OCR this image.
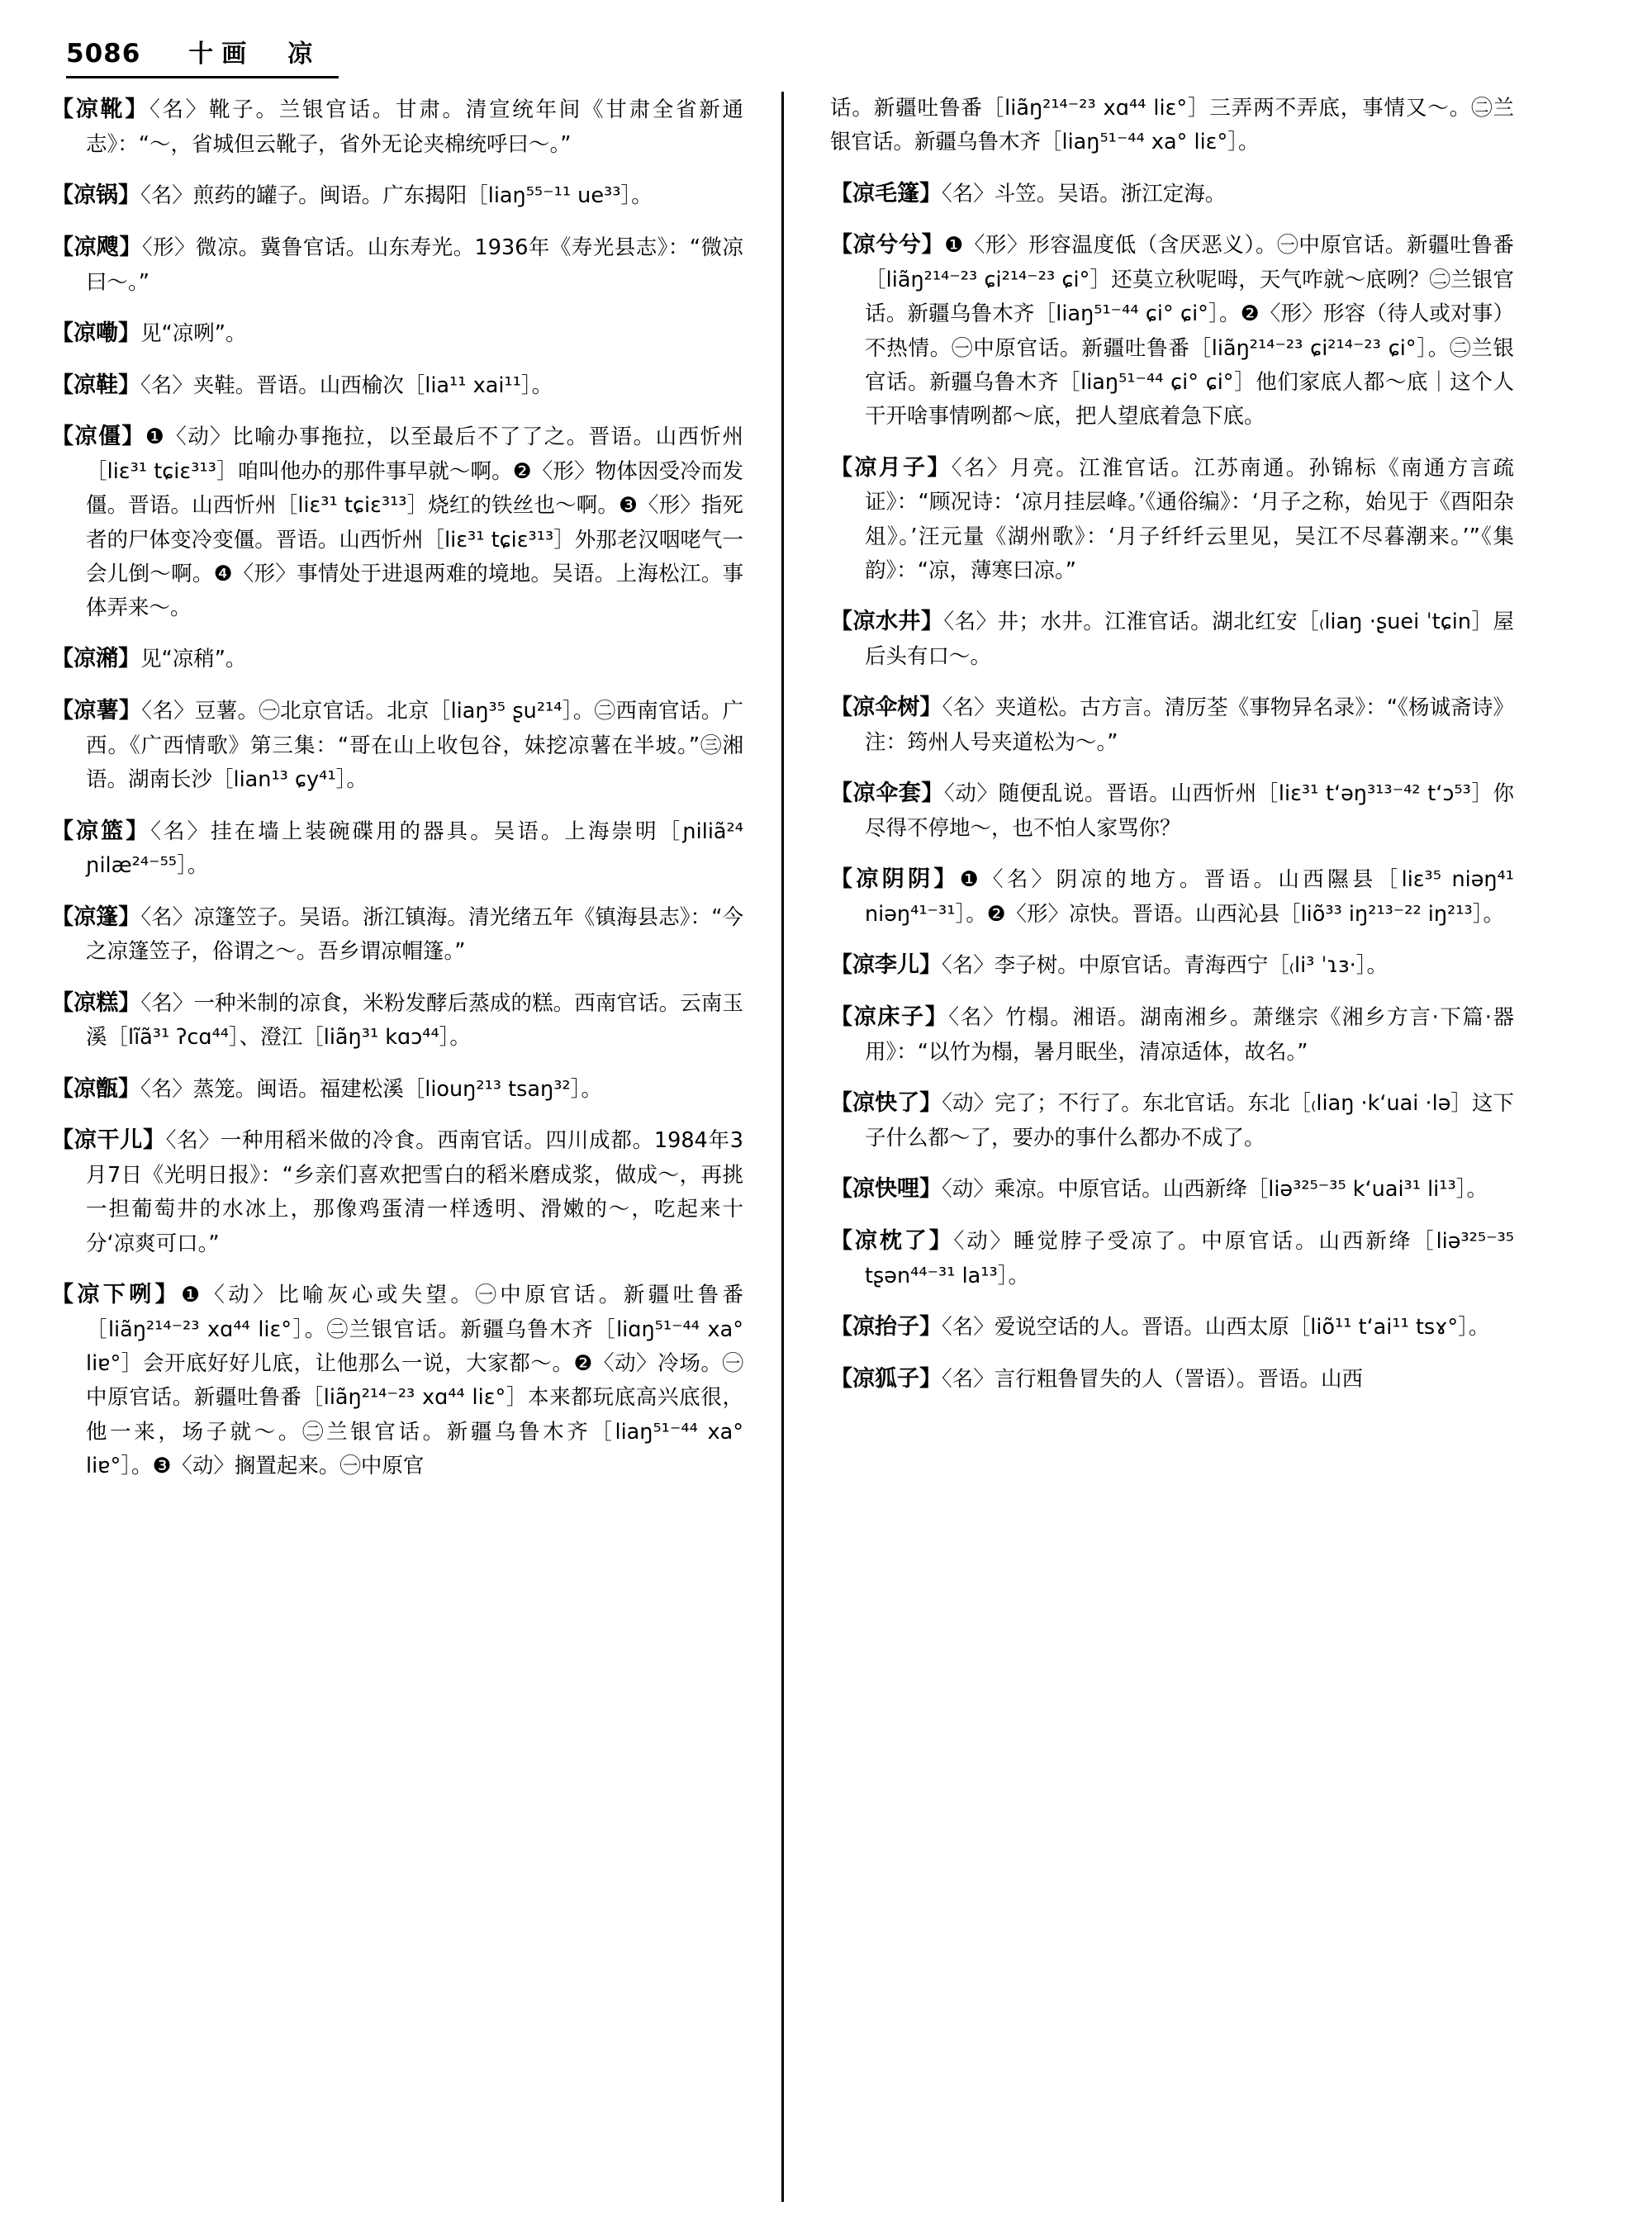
5086 十画　凉

【凉靴】〈名〉靴子。兰银官话。甘肃。清宣统年间《甘肃全省新通志》：“～，省城但云靴子，省外无论夹棉统呼曰～。”

【凉锅】〈名〉煎药的罐子。闽语。广东揭阳［liaŋ⁵⁵⁻¹¹ ue³³］。

【凉飕】〈形〉微凉。冀鲁官话。山东寿光。1936年《寿光县志》：“微凉曰～。”

【凉嘞】见“凉咧”。

【凉鞋】〈名〉夹鞋。晋语。山西榆次［lia¹¹ xai¹¹］。

【凉僵】❶〈动〉比喻办事拖拉，以至最后不了了之。晋语。山西忻州［liɛ³¹ tɕiɛ³¹³］咱叫他办的那件事早就～啊。❷〈形〉物体因受冷而发僵。晋语。山西忻州［liɛ³¹ tɕiɛ³¹³］烧红的铁丝也～啊。❸〈形〉指死者的尸体变冷变僵。晋语。山西忻州［liɛ³¹ tɕiɛ³¹³］外那老汉咽咾气一会儿倒～啊。❹〈形〉事情处于进退两难的境地。吴语。上海松江。事体弄来～。

【凉潲】见“凉稍”。

【凉薯】〈名〉豆薯。㊀北京官话。北京［liaŋ³⁵ ʂu²¹⁴］。㊁西南官话。广西。《广西情歌》第三集：“哥在山上收包谷，妹挖凉薯在半坡。”㊂湘语。湖南长沙［lian¹³ ɕy⁴¹］。

【凉篮】〈名〉挂在墙上装碗碟用的器具。吴语。上海崇明［ɲiliã²⁴ ɲilæ²⁴⁻⁵⁵］。

【凉篷】〈名〉凉篷笠子。吴语。浙江镇海。清光绪五年《镇海县志》：“今之凉篷笠子，俗谓之～。吾乡谓凉帽篷。”

【凉糕】〈名〉一种米制的凉食，米粉发酵后蒸成的糕。西南官话。云南玉溪［lĩã³¹ ʔcɑ⁴⁴］、澄江［liãŋ³¹ kɑɔ⁴⁴］。

【凉甑】〈名〉蒸笼。闽语。福建松溪［liouŋ²¹³ tsaŋ³²］。

【凉干儿】〈名〉一种用稻米做的冷食。西南官话。四川成都。1984年3月7日《光明日报》：“乡亲们喜欢把雪白的稻米磨成浆，做成～，再挑一担葡萄井的水冰上，那像鸡蛋清一样透明、滑嫩的～，吃起来十分‘凉爽可口。”

【凉下咧】❶〈动〉比喻灰心或失望。㊀中原官话。新疆吐鲁番［liãŋ²¹⁴⁻²³ xɑ⁴⁴ liɛ°］。㊁兰银官话。新疆乌鲁木齐［liɑŋ⁵¹⁻⁴⁴ xa° liɐ°］会开底好好儿底，让他那么一说，大家都～。❷〈动〉冷场。㊀中原官话。新疆吐鲁番［liãŋ²¹⁴⁻²³ xɑ⁴⁴ liɛ°］本来都玩底高兴底很，他一来，场子就～。㊁兰银官话。新疆乌鲁木齐［liaŋ⁵¹⁻⁴⁴ xa° liɐ°］。❸〈动〉搁置起来。㊀中原官

话。新疆吐鲁番［liãŋ²¹⁴⁻²³ xɑ⁴⁴ liɛ°］三弄两不弄底，事情又～。㊁兰银官话。新疆乌鲁木齐［liaŋ⁵¹⁻⁴⁴ xa° liɛ°］。

【凉毛篷】〈名〉斗笠。吴语。浙江定海。

【凉兮兮】❶〈形〉形容温度低（含厌恶义）。㊀中原官话。新疆吐鲁番［liãŋ²¹⁴⁻²³ ɕi²¹⁴⁻²³ ɕi°］还莫立秋呢呣，天气咋就～底咧？㊁兰银官话。新疆乌鲁木齐［liaŋ⁵¹⁻⁴⁴ ɕi° ɕi°］。❷〈形〉形容（待人或对事）不热情。㊀中原官话。新疆吐鲁番［liãŋ²¹⁴⁻²³ ɕi²¹⁴⁻²³ ɕi°］。㊁兰银官话。新疆乌鲁木齐［liaŋ⁵¹⁻⁴⁴ ɕi° ɕi°］他们家底人都～底｜这个人干开啥事情咧都～底，把人望底着急下底。

【凉月子】〈名〉月亮。江淮官话。江苏南通。孙锦标《南通方言疏证》：“顾况诗：‘凉月挂层峰。’《通俗编》：‘月子之称，始见于《酉阳杂俎》。’汪元量《湖州歌》：‘月子纤纤云里见，吴江不尽暮潮来。’”《集韵》：“凉，薄寒曰凉。”

【凉水井】〈名〉井；水井。江淮官话。湖北红安［₍liaŋ ·ʂuei ˈtɕin］屋后头有口～。

【凉伞树】〈名〉夹道松。古方言。清厉荃《事物异名录》：“《杨诚斋诗》注：筠州人号夹道松为～。”

【凉伞套】〈动〉随便乱说。晋语。山西忻州［liɛ³¹ tʻəŋ³¹³⁻⁴² tʻɔ⁵³］你尽得不停地～，也不怕人家骂你？

【凉阴阴】❶〈名〉阴凉的地方。晋语。山西隰县［liɛ³⁵ niəŋ⁴¹ niəŋ⁴¹⁻³¹］。❷〈形〉凉快。晋语。山西沁县［liõ³³ iŋ²¹³⁻²² iŋ²¹³］。

【凉李儿】〈名〉李子树。中原官话。青海西宁［₍li³ ˈɿɜ·］。

【凉床子】〈名〉竹榻。湘语。湖南湘乡。萧继宗《湘乡方言·下篇·器用》：“以竹为榻，暑月眠坐，清凉适体，故名。”

【凉快了】〈动〉完了；不行了。东北官话。东北［₍liaŋ ·kʻuai ·lə］这下子什么都～了，要办的事什么都办不成了。

【凉快哩】〈动〉乘凉。中原官话。山西新绛［liə³²⁵⁻³⁵ kʻuai³¹ li¹³］。

【凉枕了】〈动〉睡觉脖子受凉了。中原官话。山西新绛［liə³²⁵⁻³⁵ tʂən⁴⁴⁻³¹ la¹³］。

【凉抬子】〈名〉爱说空话的人。晋语。山西太原［liõ¹¹ tʻai¹¹ tsɤ°］。

【凉狐子】〈名〉言行粗鲁冒失的人（詈语）。晋语。山西
